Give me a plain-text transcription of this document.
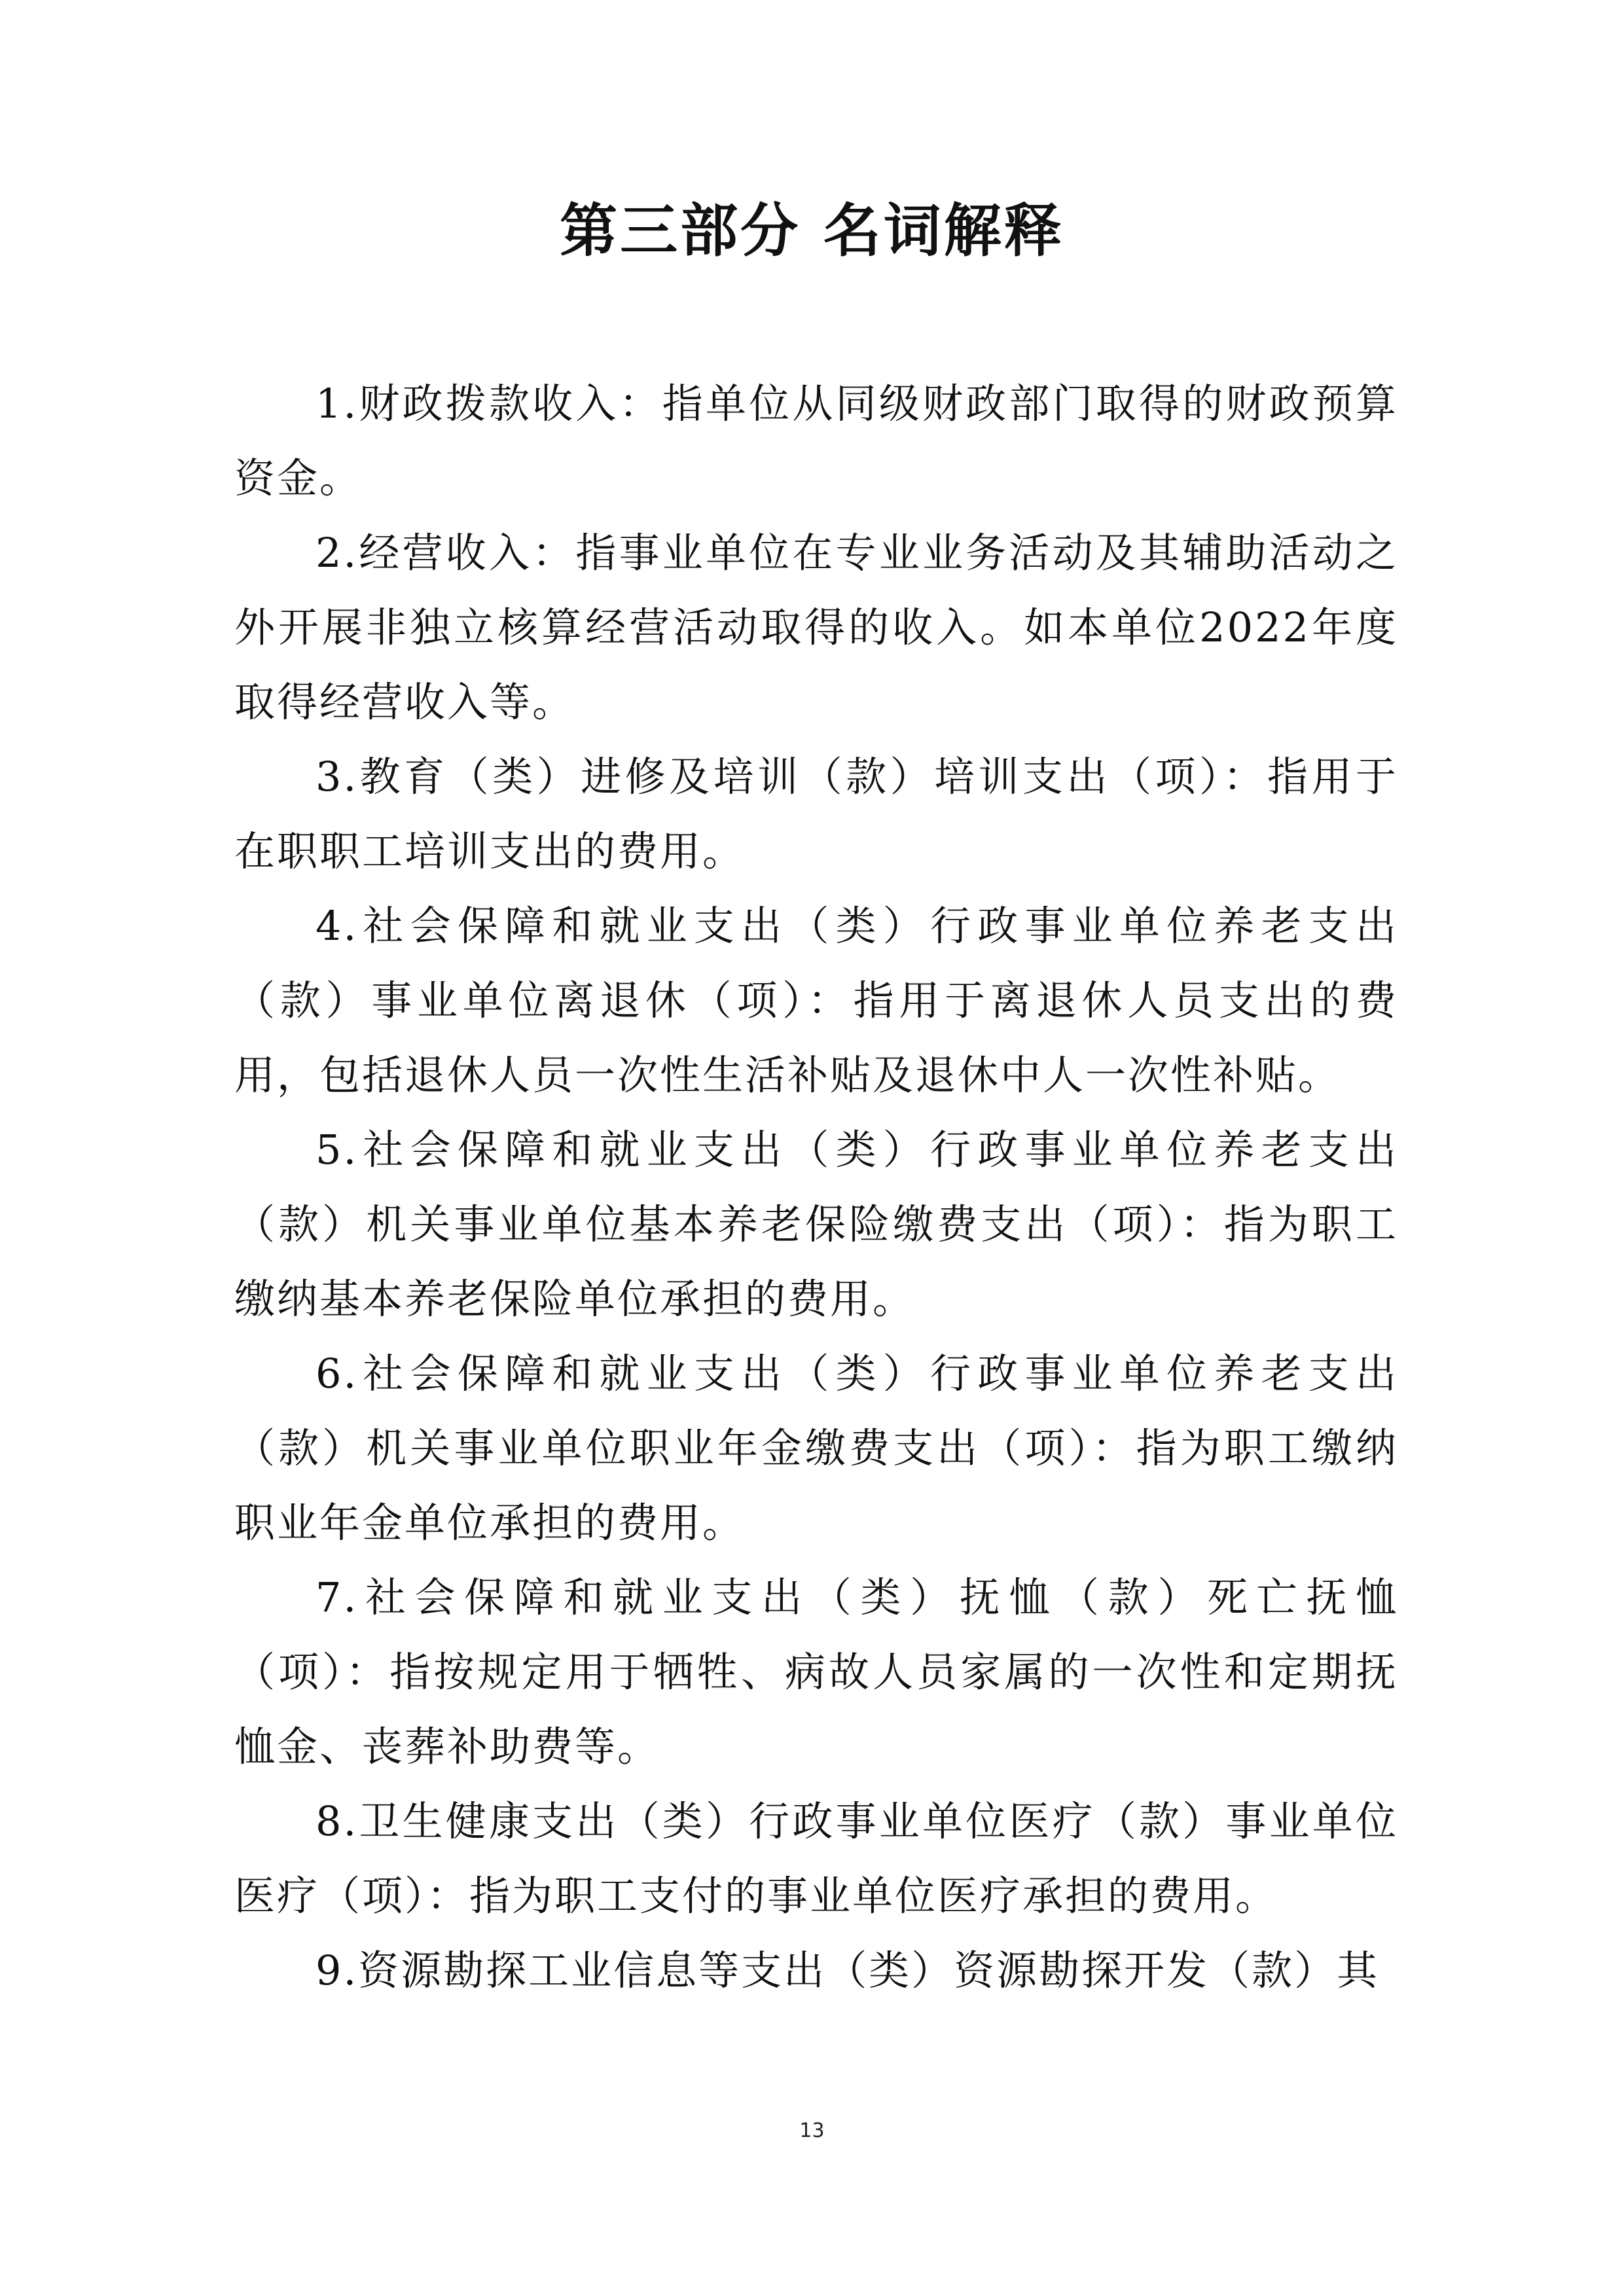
第三部分 名词解释

1.财政拨款收入：指单位从同级财政部门取得的财政预算资金。

2.经营收入：指事业单位在专业业务活动及其辅助活动之外开展非独立核算经营活动取得的收入。如本单位2022年度取得经营收入等。

3.教育（类）进修及培训（款）培训支出（项）：指用于在职职工培训支出的费用。

4.社会保障和就业支出（类）行政事业单位养老支出（款）事业单位离退休（项）：指用于离退休人员支出的费用，包括退休人员一次性生活补贴及退休中人一次性补贴。

5.社会保障和就业支出（类）行政事业单位养老支出（款）机关事业单位基本养老保险缴费支出（项）：指为职工缴纳基本养老保险单位承担的费用。

6.社会保障和就业支出（类）行政事业单位养老支出（款）机关事业单位职业年金缴费支出（项）：指为职工缴纳职业年金单位承担的费用。

7.社会保障和就业支出（类）抚恤（款）死亡抚恤（项）：指按规定用于牺牲、病故人员家属的一次性和定期抚恤金、丧葬补助费等。

8.卫生健康支出（类）行政事业单位医疗（款）事业单位医疗（项）：指为职工支付的事业单位医疗承担的费用。

9.资源勘探工业信息等支出（类）资源勘探开发（款）其

13
